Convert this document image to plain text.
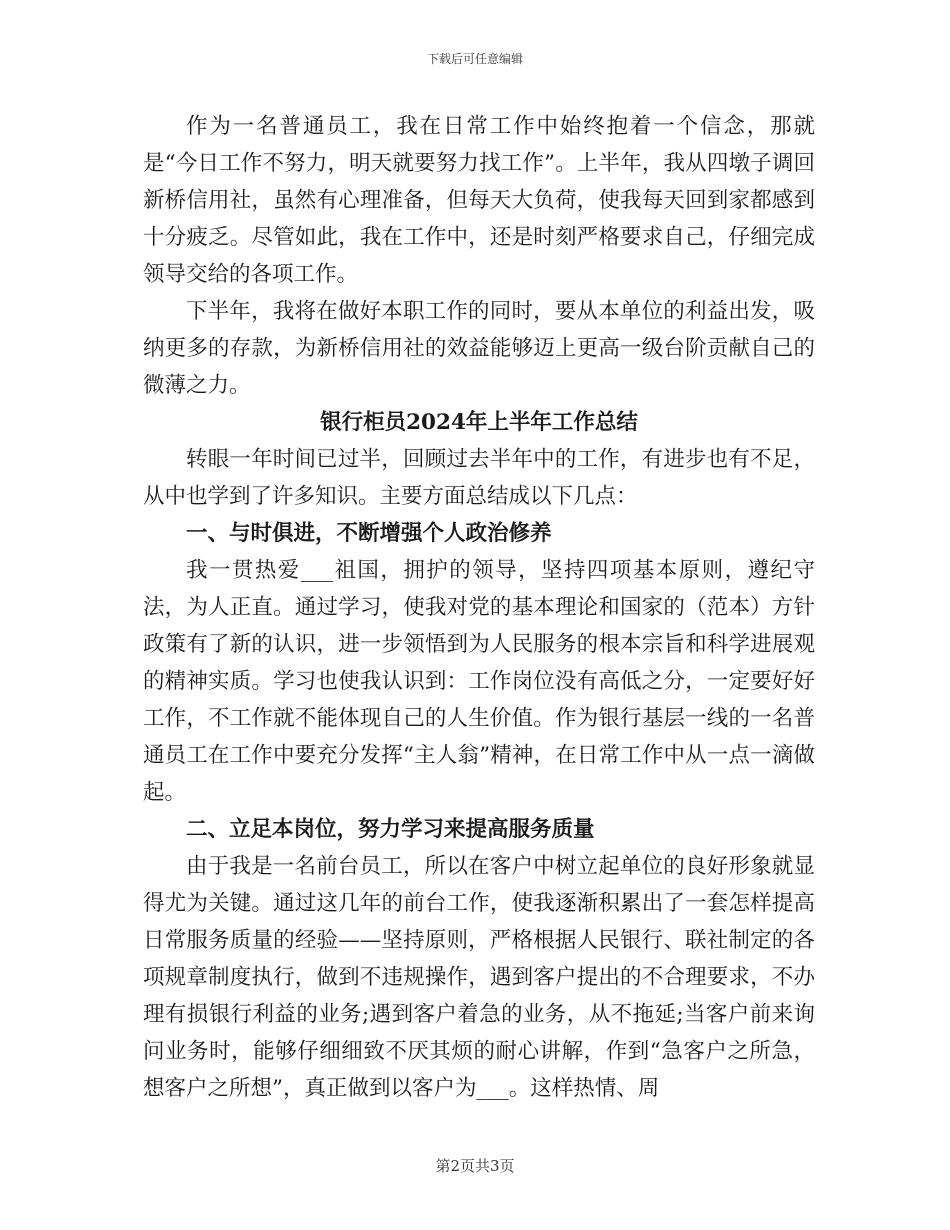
下载后可任意编辑

作为一名普通员工，我在日常工作中始终抱着一个信念，那就是“今日工作不努力，明天就要努力找工作”。上半年，我从四墩子调回新桥信用社，虽然有心理准备，但每天大负荷，使我每天回到家都感到十分疲乏。尽管如此，我在工作中，还是时刻严格要求自己，仔细完成领导交给的各项工作。

下半年，我将在做好本职工作的同时，要从本单位的利益出发，吸纳更多的存款，为新桥信用社的效益能够迈上更高一级台阶贡献自己的微薄之力。

银行柜员2024年上半年工作总结

转眼一年时间已过半，回顾过去半年中的工作，有进步也有不足，从中也学到了许多知识。主要方面总结成以下几点：

一、与时俱进，不断增强个人政治修养

我一贯热爱___祖国，拥护的领导，坚持四项基本原则，遵纪守法，为人正直。通过学习，使我对党的基本理论和国家的（范本）方针政策有了新的认识，进一步领悟到为人民服务的根本宗旨和科学进展观的精神实质。学习也使我认识到：工作岗位没有高低之分，一定要好好工作，不工作就不能体现自己的人生价值。作为银行基层一线的一名普通员工在工作中要充分发挥“主人翁”精神，在日常工作中从一点一滴做起。

二、立足本岗位，努力学习来提高服务质量

由于我是一名前台员工，所以在客户中树立起单位的良好形象就显得尤为关键。通过这几年的前台工作，使我逐渐积累出了一套怎样提高日常服务质量的经验——坚持原则，严格根据人民银行、联社制定的各项规章制度执行，做到不违规操作，遇到客户提出的不合理要求，不办理有损银行利益的业务;遇到客户着急的业务，从不拖延;当客户前来询问业务时，能够仔细细致不厌其烦的耐心讲解，作到“急客户之所急，想客户之所想”，真正做到以客户为___。这样热情、周

第2页共3页
